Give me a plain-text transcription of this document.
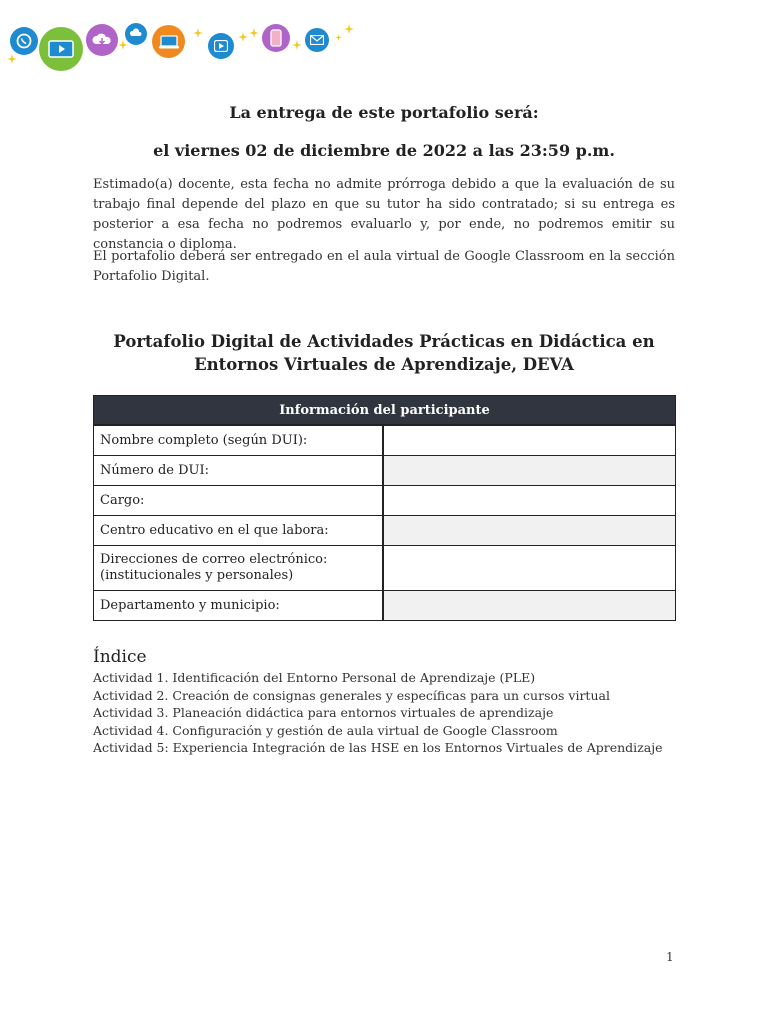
La entrega de este portafolio será:
el viernes 02 de diciembre de 2022 a las 23:59 p.m.
Estimado(a) docente, esta fecha no admite prórroga debido a que la evaluación de su trabajo final depende del plazo en que su tutor ha sido contratado; si su entrega es posterior a esa fecha no podremos evaluarlo y, por ende, no podremos emitir su constancia o diploma.
El portafolio deberá ser entregado en el aula virtual de Google Classroom en la sección Portafolio Digital.
Portafolio Digital de Actividades Prácticas en Didáctica en Entornos Virtuales de Aprendizaje, DEVA
Información del participante
Nombre completo (según DUI):
Número de DUI:
Cargo:
Centro educativo en el que labora:
Direcciones de correo electrónico:
(institucionales y personales)
Departamento y municipio:
Índice
Actividad 1. Identificación del Entorno Personal de Aprendizaje (PLE)
Actividad 2. Creación de consignas generales y específicas para un cursos virtual
Actividad 3. Planeación didáctica para entornos virtuales de aprendizaje
Actividad 4. Configuración y gestión de aula virtual de Google Classroom
Actividad 5: Experiencia Integración de las HSE en los Entornos Virtuales de Aprendizaje
1
